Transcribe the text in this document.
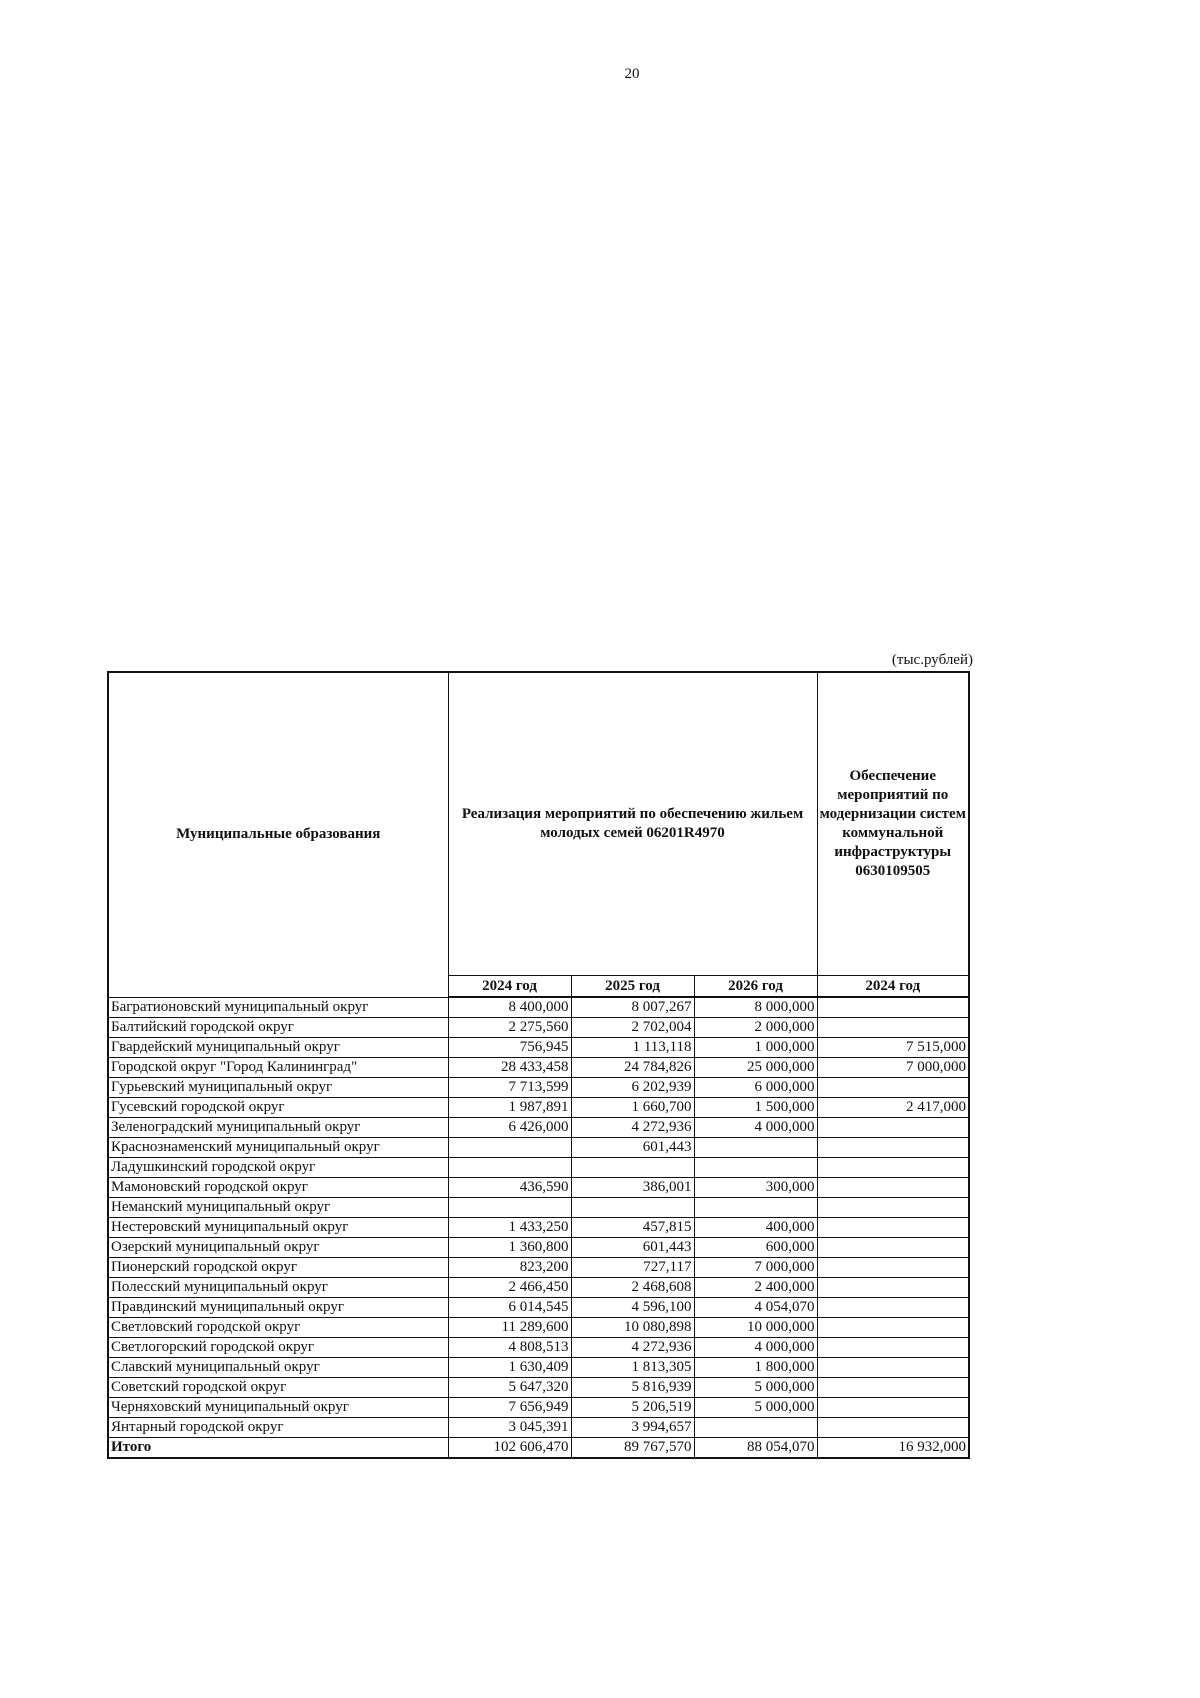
20
(тыс.рублей)
Муниципальные образования	Реализация мероприятий по обеспечению жильем молодых семей 06201R4970			Обеспечение мероприятий по модернизации систем коммунальной инфраструктуры 0630109505
	2024 год	2025 год	2026 год	2024 год
Багратионовский муниципальный округ	8 400,000	8 007,267	8 000,000	
Балтийский городской округ	2 275,560	2 702,004	2 000,000	
Гвардейский муниципальный округ	756,945	1 113,118	1 000,000	7 515,000
Городской округ "Город Калининград"	28 433,458	24 784,826	25 000,000	7 000,000
Гурьевский муниципальный округ	7 713,599	6 202,939	6 000,000	
Гусевский городской округ	1 987,891	1 660,700	1 500,000	2 417,000
Зеленоградский муниципальный округ	6 426,000	4 272,936	4 000,000	
Краснознаменский муниципальный округ		601,443		
Ладушкинский городской округ				
Мамоновский городской округ	436,590	386,001	300,000	
Неманский муниципальный округ				
Нестеровский муниципальный округ	1 433,250	457,815	400,000	
Озерский муниципальный округ	1 360,800	601,443	600,000	
Пионерский городской округ	823,200	727,117	7 000,000	
Полесский муниципальный округ	2 466,450	2 468,608	2 400,000	
Правдинский муниципальный округ	6 014,545	4 596,100	4 054,070	
Светловский городской округ	11 289,600	10 080,898	10 000,000	
Светлогорский городской округ	4 808,513	4 272,936	4 000,000	
Славский муниципальный округ	1 630,409	1 813,305	1 800,000	
Советский городской округ	5 647,320	5 816,939	5 000,000	
Черняховский муниципальный округ	7 656,949	5 206,519	5 000,000	
Янтарный городской округ	3 045,391	3 994,657		
Итого	102 606,470	89 767,570	88 054,070	16 932,000
